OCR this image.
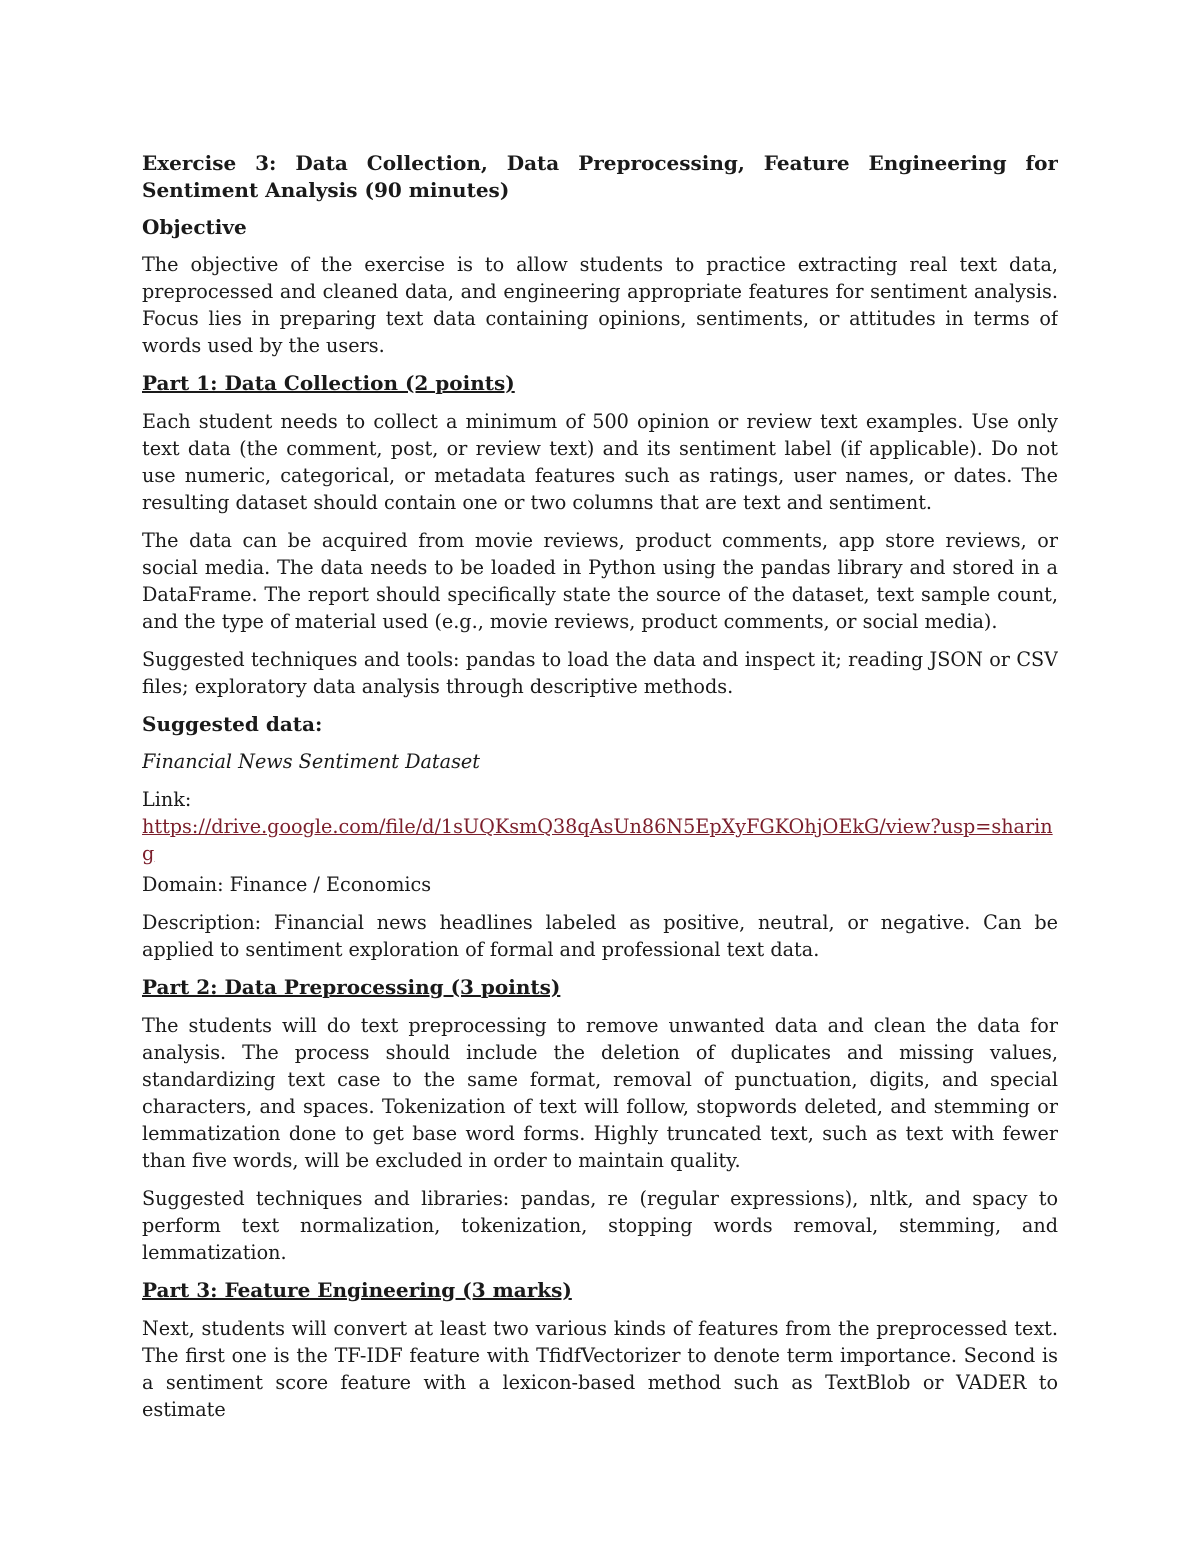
Exercise 3: Data Collection, Data Preprocessing, Feature Engineering for Sentiment Analysis (90 minutes)
Objective

The objective of the exercise is to allow students to practice extracting real text data, preprocessed and cleaned data, and engineering appropriate features for sentiment analysis. Focus lies in preparing text data containing opinions, sentiments, or attitudes in terms of words used by the users.

Part 1: Data Collection (2 points)

Each student needs to collect a minimum of 500 opinion or review text examples. Use only text data (the comment, post, or review text) and its sentiment label (if applicable). Do not use numeric, categorical, or metadata features such as ratings, user names, or dates. The resulting dataset should contain one or two columns that are text and sentiment.

The data can be acquired from movie reviews, product comments, app store reviews, or social media. The data needs to be loaded in Python using the pandas library and stored in a DataFrame. The report should specifically state the source of the dataset, text sample count, and the type of material used (e.g., movie reviews, product comments, or social media).

Suggested techniques and tools: pandas to load the data and inspect it; reading JSON or CSV files; exploratory data analysis through descriptive methods.

Suggested data:

Financial News Sentiment Dataset

Link:
https://drive.google.com/file/d/1sUQKsmQ38qAsUn86N5EpXyFGKOhjOEkG/view?usp=sharing

Domain: Finance / Economics

Description: Financial news headlines labeled as positive, neutral, or negative. Can be applied to sentiment exploration of formal and professional text data.

Part 2: Data Preprocessing (3 points)

The students will do text preprocessing to remove unwanted data and clean the data for analysis. The process should include the deletion of duplicates and missing values, standardizing text case to the same format, removal of punctuation, digits, and special characters, and spaces. Tokenization of text will follow, stopwords deleted, and stemming or lemmatization done to get base word forms. Highly truncated text, such as text with fewer than five words, will be excluded in order to maintain quality.

Suggested techniques and libraries: pandas, re (regular expressions), nltk, and spacy to perform text normalization, tokenization, stopping words removal, stemming, and lemmatization.

Part 3: Feature Engineering (3 marks)

Next, students will convert at least two various kinds of features from the preprocessed text. The first one is the TF-IDF feature with TfidfVectorizer to denote term importance. Second is a sentiment score feature with a lexicon-based method such as TextBlob or VADER to estimate
